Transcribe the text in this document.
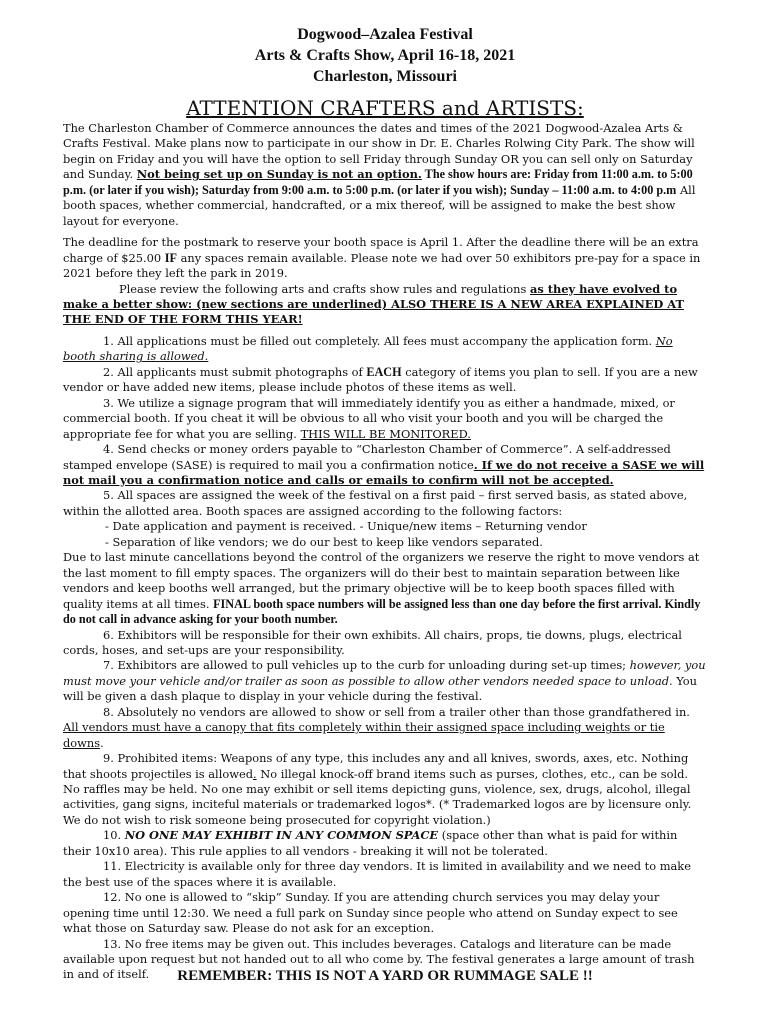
Dogwood–Azalea Festival
Arts & Crafts Show, April 16-18, 2021
Charleston, Missouri
ATTENTION CRAFTERS and ARTISTS:

The Charleston Chamber of Commerce announces the dates and times of the 2021 Dogwood-Azalea Arts & Crafts Festival. Make plans now to participate in our show in Dr. E. Charles Rolwing City Park. The show will begin on Friday and you will have the option to sell Friday through Sunday OR you can sell only on Saturday and Sunday. Not being set up on Sunday is not an option. The show hours are: Friday from 11:00 a.m. to 5:00 p.m. (or later if you wish); Saturday from 9:00 a.m. to 5:00 p.m. (or later if you wish); Sunday – 11:00 a.m. to 4:00 p.m All booth spaces, whether commercial, handcrafted, or a mix thereof, will be assigned to make the best show layout for everyone.

The deadline for the postmark to reserve your booth space is April 1. After the deadline there will be an extra charge of $25.00 IF any spaces remain available. Please note we had over 50 exhibitors pre-pay for a space in 2021 before they left the park in 2019.

Please review the following arts and crafts show rules and regulations as they have evolved to make a better show: (new sections are underlined) ALSO THERE IS A NEW AREA EXPLAINED AT THE END OF THE FORM THIS YEAR!

1. All applications must be filled out completely. All fees must accompany the application form. No booth sharing is allowed.

2. All applicants must submit photographs of EACH category of items you plan to sell. If you are a new vendor or have added new items, please include photos of these items as well.

3. We utilize a signage program that will immediately identify you as either a handmade, mixed, or commercial booth. If you cheat it will be obvious to all who visit your booth and you will be charged the appropriate fee for what you are selling. THIS WILL BE MONITORED.

4. Send checks or money orders payable to “Charleston Chamber of Commerce”. A self-addressed stamped envelope (SASE) is required to mail you a confirmation notice. If we do not receive a SASE we will not mail you a confirmation notice and calls or emails to confirm will not be accepted.

5. All spaces are assigned the week of the festival on a first paid – first served basis, as stated above, within the allotted area. Booth spaces are assigned according to the following factors:

- Date application and payment is received. - Unique/new items – Returning vendor

- Separation of like vendors; we do our best to keep like vendors separated.

Due to last minute cancellations beyond the control of the organizers we reserve the right to move vendors at the last moment to fill empty spaces. The organizers will do their best to maintain separation between like vendors and keep booths well arranged, but the primary objective will be to keep booth spaces filled with quality items at all times. FINAL booth space numbers will be assigned less than one day before the first arrival. Kindly do not call in advance asking for your booth number.

6. Exhibitors will be responsible for their own exhibits. All chairs, props, tie downs, plugs, electrical cords, hoses, and set-ups are your responsibility.

7. Exhibitors are allowed to pull vehicles up to the curb for unloading during set-up times; however, you must move your vehicle and/or trailer as soon as possible to allow other vendors needed space to unload. You will be given a dash plaque to display in your vehicle during the festival.

8. Absolutely no vendors are allowed to show or sell from a trailer other than those grandfathered in. All vendors must have a canopy that fits completely within their assigned space including weights or tie downs.

9. Prohibited items: Weapons of any type, this includes any and all knives, swords, axes, etc. Nothing that shoots projectiles is allowed. No illegal knock-off brand items such as purses, clothes, etc., can be sold. No raffles may be held. No one may exhibit or sell items depicting guns, violence, sex, drugs, alcohol, illegal activities, gang signs, inciteful materials or trademarked logos*. (* Trademarked logos are by licensure only. We do not wish to risk someone being prosecuted for copyright violation.)

10. NO ONE MAY EXHIBIT IN ANY COMMON SPACE (space other than what is paid for within their 10x10 area). This rule applies to all vendors - breaking it will not be tolerated.

11. Electricity is available only for three day vendors. It is limited in availability and we need to make the best use of the spaces where it is available.

12. No one is allowed to “skip” Sunday. If you are attending church services you may delay your opening time until 12:30. We need a full park on Sunday since people who attend on Sunday expect to see what those on Saturday saw. Please do not ask for an exception.

13. No free items may be given out. This includes beverages. Catalogs and literature can be made available upon request but not handed out to all who come by. The festival generates a large amount of trash in and of itself.	REMEMBER: THIS IS NOT A YARD OR RUMMAGE SALE !!
